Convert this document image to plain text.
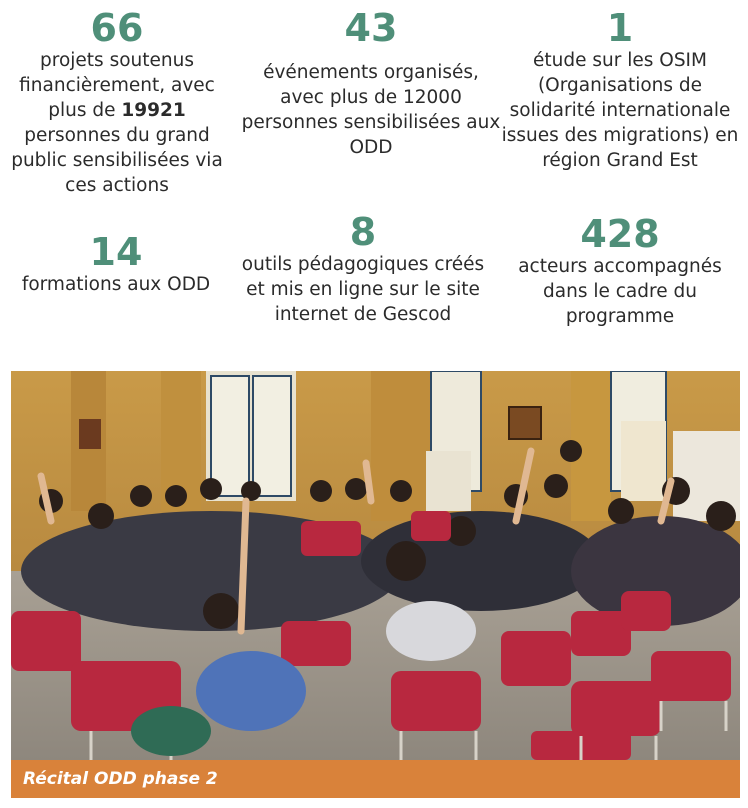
66
projets soutenus financièrement, avec plus de 19921 personnes du grand public sensibilisées via ces actions
43
événements organisés, avec plus de 12000 personnes sensibilisées aux ODD
1
étude sur les OSIM (Organisations de solidarité internationale issues des migrations) en région Grand Est
14
formations aux ODD
8
outils pédagogiques créés et mis en ligne sur le site internet de Gescod
428
acteurs accompagnés dans le cadre du programme
Récital ODD phase 2
